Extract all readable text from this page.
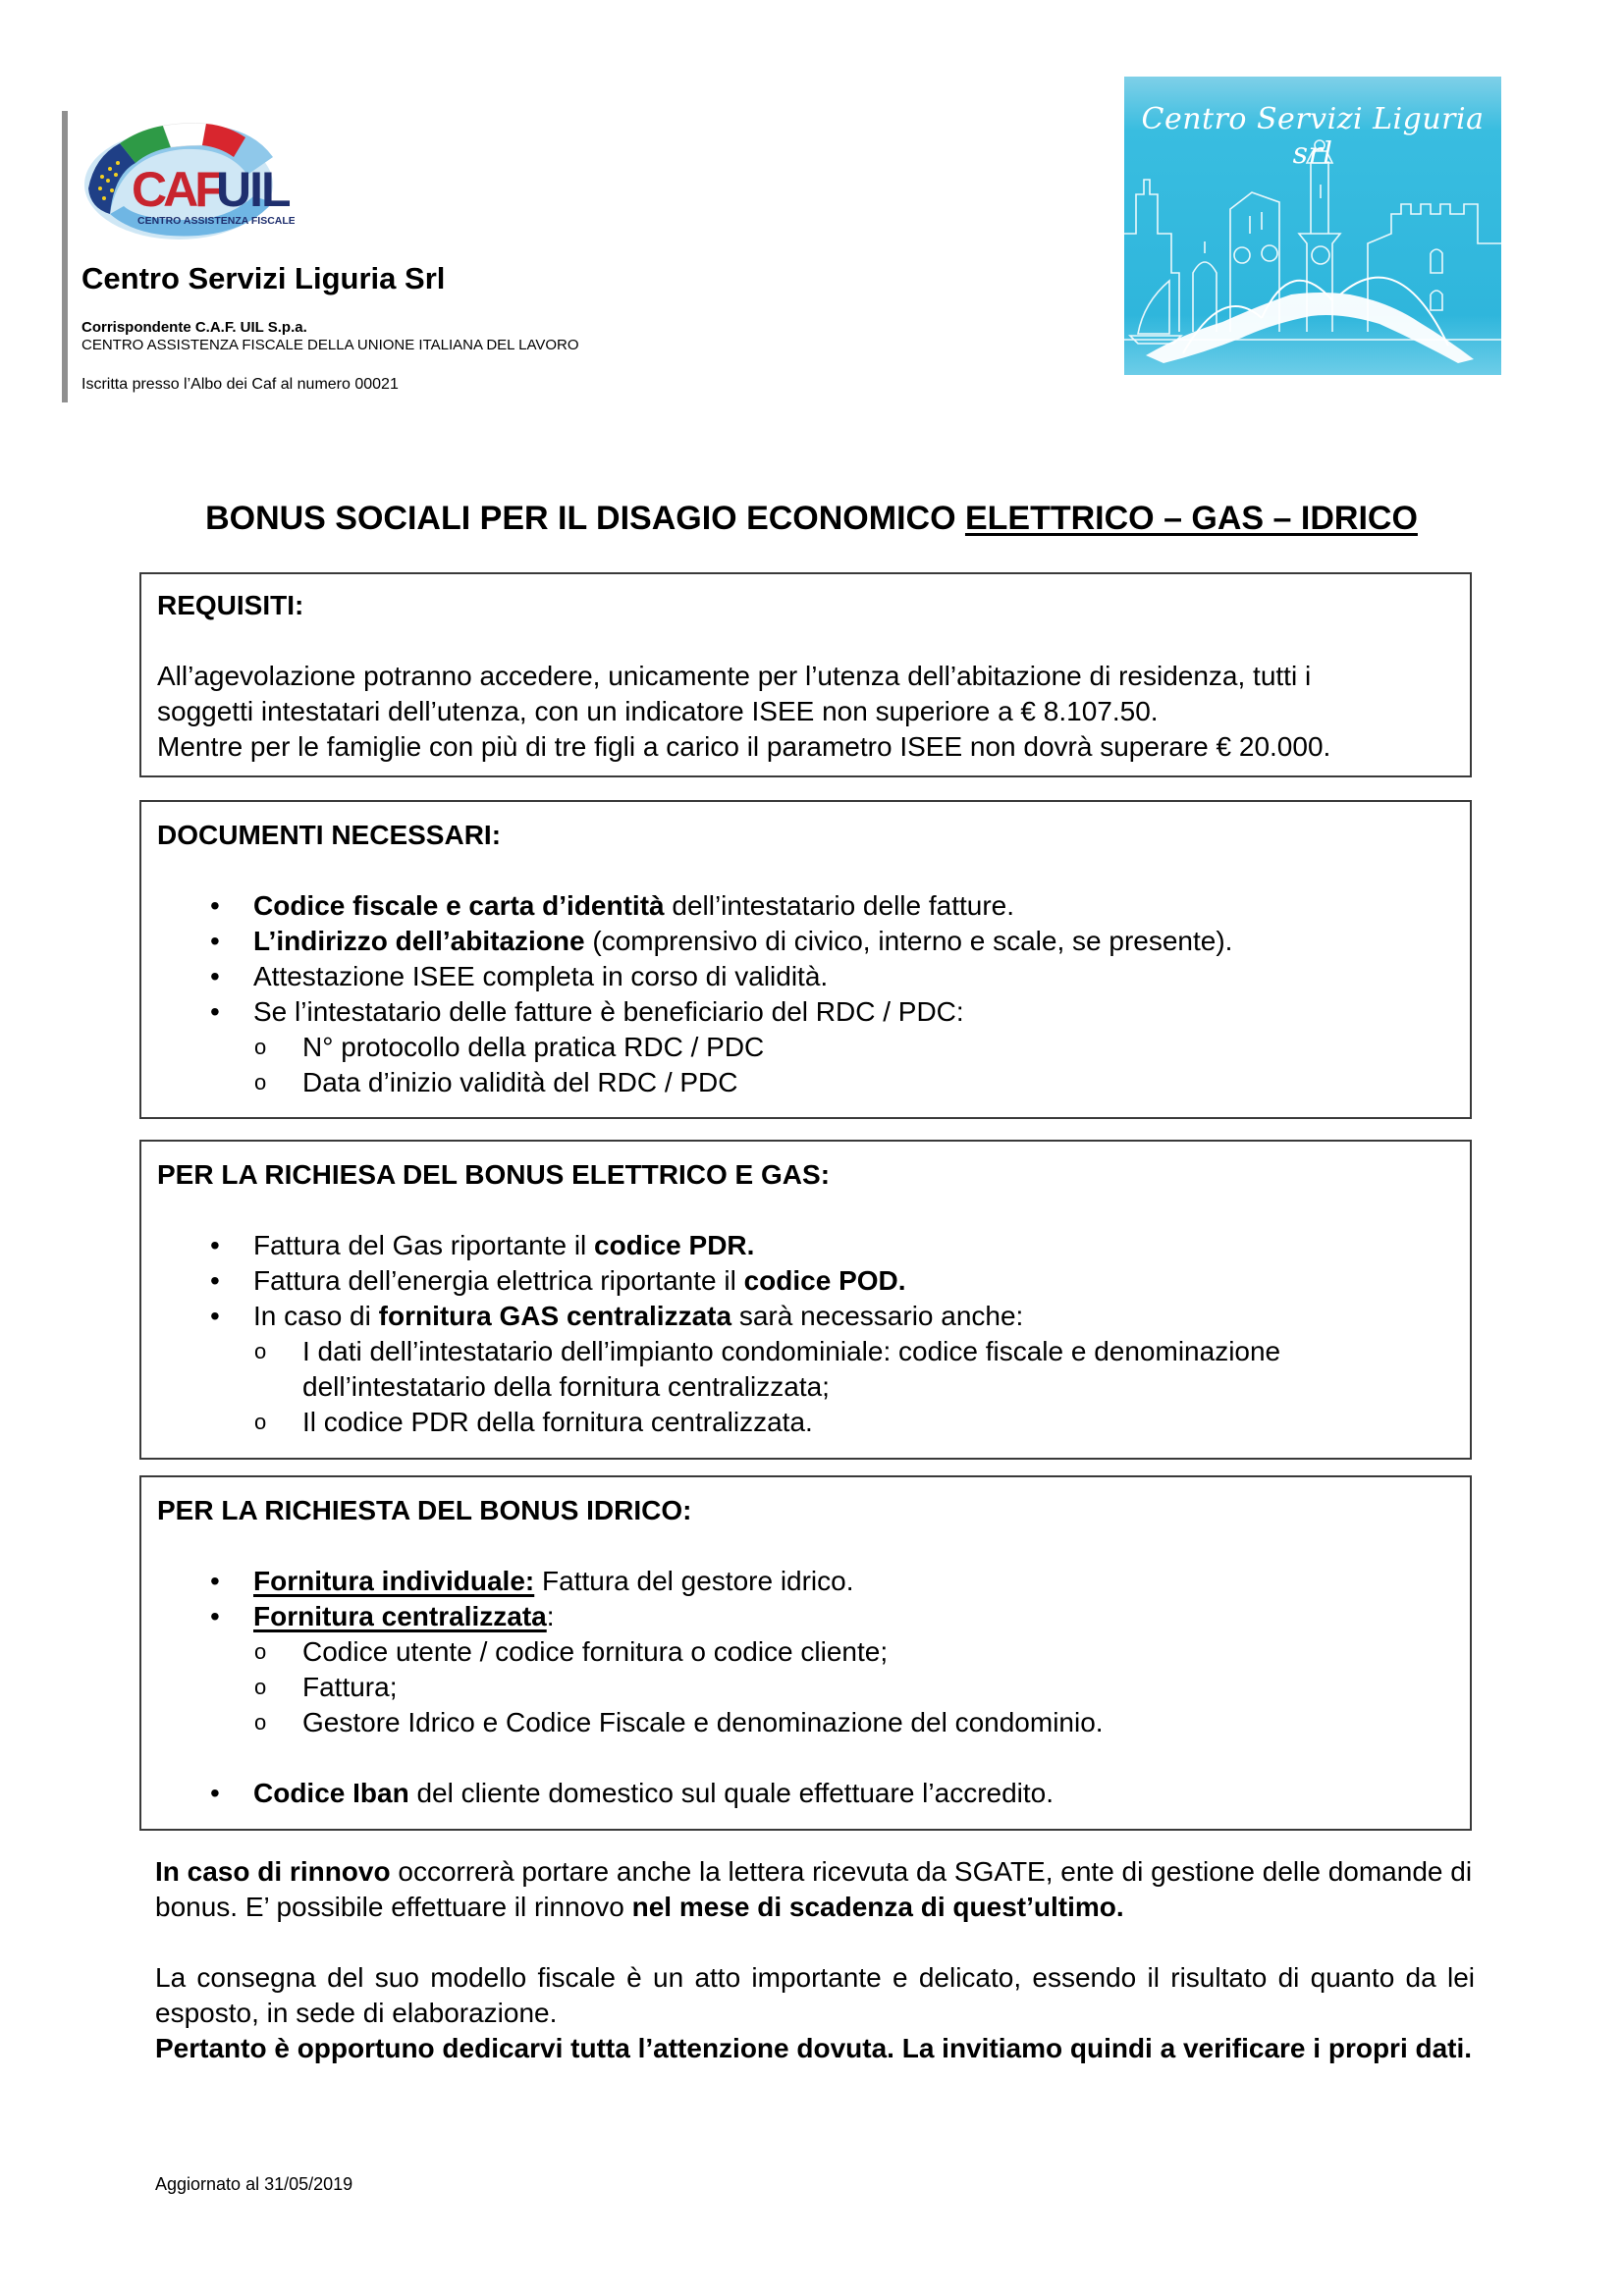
CAF
UIL
CENTRO ASSISTENZA FISCALE
Centro Servizi Liguria Srl
Corrispondente C.A.F. UIL S.p.a.
CENTRO ASSISTENZA FISCALE DELLA UNIONE ITALIANA DEL LAVORO
Iscritta presso l’Albo dei Caf al numero 00021
Centro Servizi Liguria srl
BONUS SOCIALI PER IL DISAGIO ECONOMICO ELETTRICO – GAS – IDRICO
REQUISITI:
All’agevolazione potranno accedere, unicamente per l’utenza dell’abitazione di residenza, tutti i
soggetti intestatari dell’utenza, con un indicatore ISEE non superiore a € 8.107.50.
Mentre per le famiglie con più di tre figli a carico il parametro ISEE non dovrà superare € 20.000.
DOCUMENTI NECESSARI:
• Codice fiscale e carta d’identità dell’intestatario delle fatture.
• L’indirizzo dell’abitazione (comprensivo di civico, interno e scale, se presente).
• Attestazione ISEE completa in corso di validità.
• Se l’intestatario delle fatture è beneficiario del RDC / PDC:
o N° protocollo della pratica RDC / PDC
o Data d’inizio validità del RDC / PDC
PER LA RICHIESA DEL BONUS ELETTRICO E GAS:
• Fattura del Gas riportante il codice PDR.
• Fattura dell’energia elettrica riportante il codice POD.
• In caso di fornitura GAS centralizzata sarà necessario anche:
o I dati dell’intestatario dell’impianto condominiale: codice fiscale e denominazione
dell’intestatario della fornitura centralizzata;
o Il codice PDR della fornitura centralizzata.
PER LA RICHIESTA DEL BONUS IDRICO:
• Fornitura individuale: Fattura del gestore idrico.
• Fornitura centralizzata:
o Codice utente / codice fornitura o codice cliente;
o Fattura;
o Gestore Idrico e Codice Fiscale e denominazione del condominio.
• Codice Iban del cliente domestico sul quale effettuare l’accredito.
In caso di rinnovo occorrerà portare anche la lettera ricevuta da SGATE, ente di gestione delle domande di bonus. E’ possibile effettuare il rinnovo nel mese di scadenza di quest’ultimo.
La consegna del suo modello fiscale è un atto importante e delicato, essendo il risultato di quanto da lei esposto, in sede di elaborazione.
Pertanto è opportuno dedicarvi tutta l’attenzione dovuta. La invitiamo quindi a verificare i propri dati.
Aggiornato al 31/05/2019
